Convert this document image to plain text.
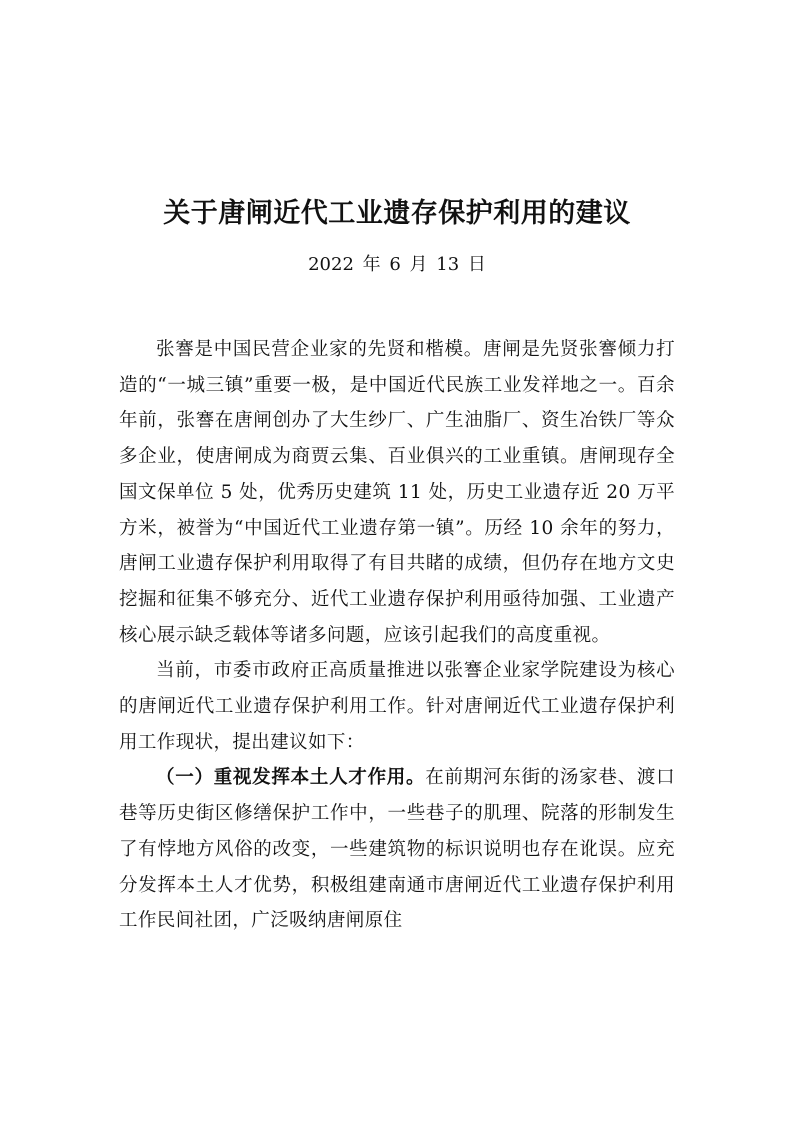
关于唐闸近代工业遗存保护利用的建议
2022 年 6 月 13 日

张謇是中国民营企业家的先贤和楷模。唐闸是先贤张謇倾力打造的“一城三镇”重要一极，是中国近代民族工业发祥地之一。百余年前，张謇在唐闸创办了大生纱厂、广生油脂厂、资生冶铁厂等众多企业，使唐闸成为商贾云集、百业俱兴的工业重镇。唐闸现存全国文保单位 5 处，优秀历史建筑 11 处，历史工业遗存近 20 万平方米，被誉为“中国近代工业遗存第一镇”。历经 10 余年的努力，唐闸工业遗存保护利用取得了有目共睹的成绩，但仍存在地方文史挖掘和征集不够充分、近代工业遗存保护利用亟待加强、工业遗产核心展示缺乏载体等诸多问题，应该引起我们的高度重视。

当前，市委市政府正高质量推进以张謇企业家学院建设为核心的唐闸近代工业遗存保护利用工作。针对唐闸近代工业遗存保护利用工作现状，提出建议如下：

（一）重视发挥本土人才作用。在前期河东街的汤家巷、渡口巷等历史街区修缮保护工作中，一些巷子的肌理、院落的形制发生了有悖地方风俗的改变，一些建筑物的标识说明也存在讹误。应充分发挥本土人才优势，积极组建南通市唐闸近代工业遗存保护利用工作民间社团，广泛吸纳唐闸原住
